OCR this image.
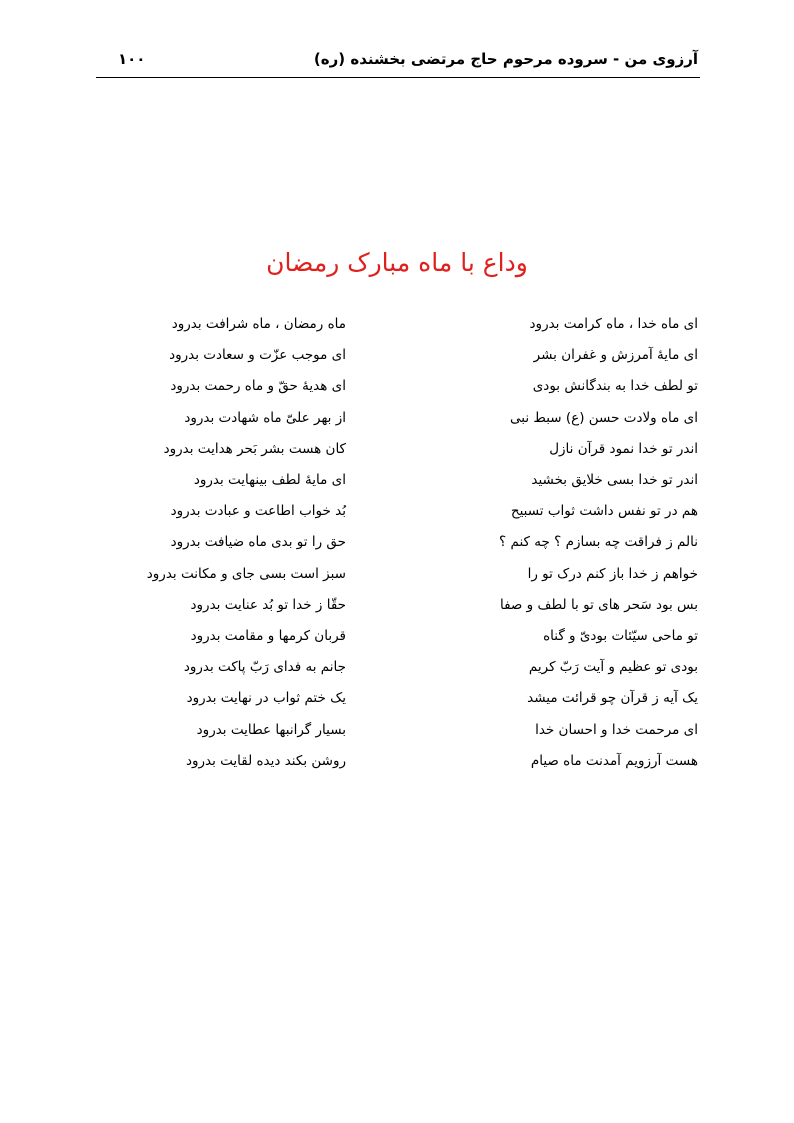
آرزوی من - سروده مرحوم حاج مرتضی بخشنده (ره)
۱۰۰
وداع با ماه مبارک رمضان
ای ماه خدا ، ماه کرامت بدرود
ماه رمضان ، ماه شرافت بدرود
ای مایهٔ آمرزش و غفران بشر
ای موجب عزّت و سعادت بدرود
تو لطف خدا به بندگانش بودی
ای هدیهٔ حقّ و ماه رحمت بدرود
ای ماه ولادت حسن (ع) سبط نبی
از بهر علیّ ماه شهادت بدرود
اندر تو خدا نمود قرآن نازل
کان هست بشر بَحر هدایت بدرود
اندر تو خدا بسی خلایق بخشید
ای مایهٔ لطف بینهایت بدرود
هم در تو نفس داشت ثواب تسبیح
بُد خواب اطاعت و عبادت بدرود
نالم ز فراقت چه بسازم ؟ چه کنم ؟
حق را تو بدی ماه ضیافت بدرود
خواهم ز خدا باز کنم درک تو را
سبز است بسی جای و مکانت بدرود
بس بود سَحر های تو با لطف و صفا
حقّا ز خدا تو بُد عنایت بدرود
تو ماحی سیّئات بودیّ و گناه
قربان کرمها و مقامت بدرود
بودی تو عظیم و آیت رَبّ کریم
جانم به فدای رَبّ پاکت بدرود
یک آیه ز قرآن چو قرائت میشد
یک ختم ثواب در نهایت بدرود
ای مرحمت خدا و احسان خدا
بسیار گرانبها عطایت بدرود
هست آرزویم آمدنت ماه صیام
روشن بکند دیده لقایت بدرود
